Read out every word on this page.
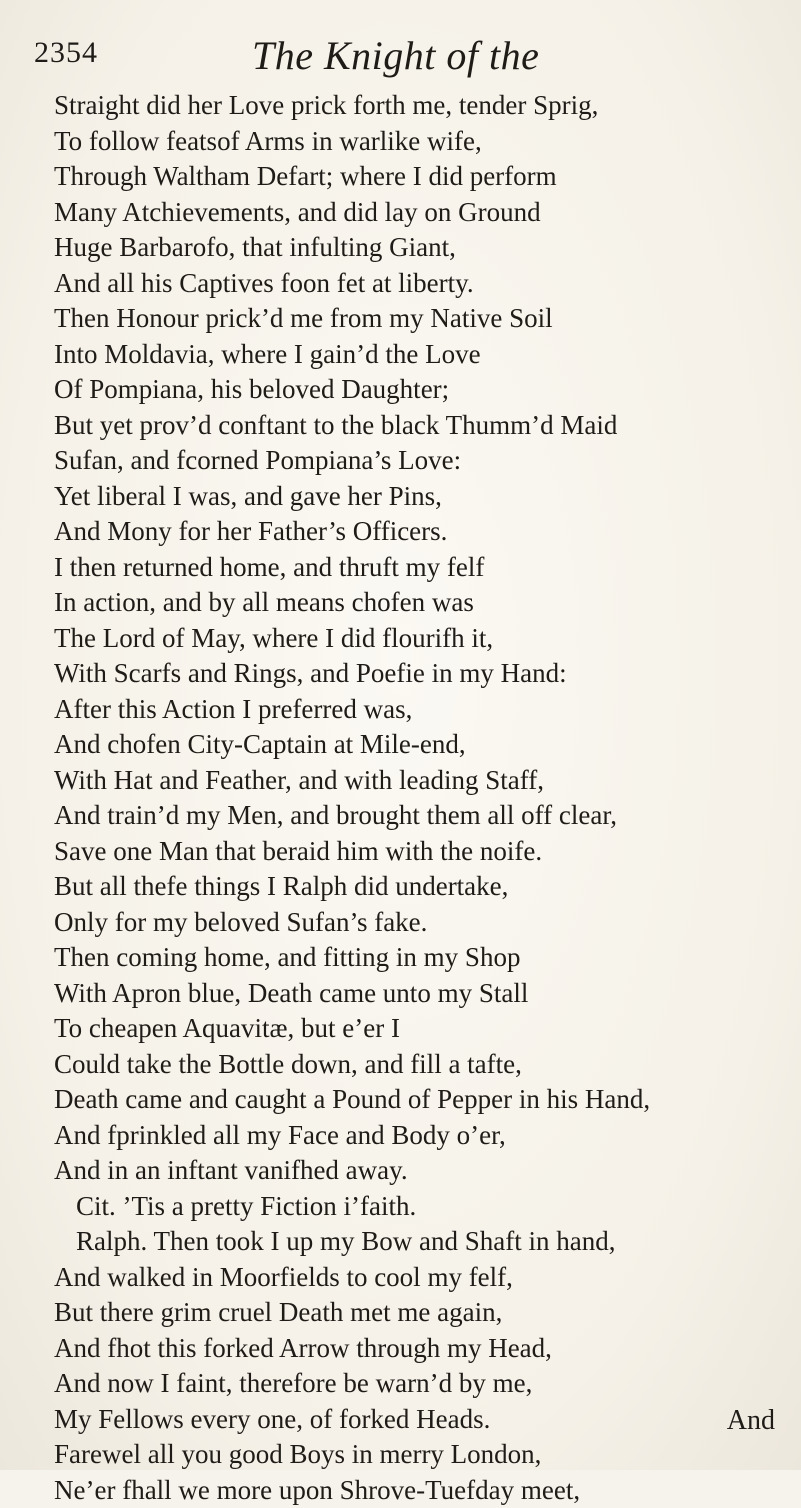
2354	The Knight of the
Straight did her Love prick forth me, tender Sprig,
To follow featsof Arms in warlike wife,
Through Waltham Defart; where I did perform
Many Atchievements, and did lay on Ground
Huge Barbarofo, that infulting Giant,
And all his Captives foon fet at liberty.
Then Honour prick’d me from my Native Soil
Into Moldavia, where I gain’d the Love
Of Pompiana, his beloved Daughter;
But yet prov’d conftant to the black Thumm’d Maid
Sufan, and fcorned Pompiana’s Love:
Yet liberal I was, and gave her Pins,
And Mony for her Father’s Officers.
I then returned home, and thruft my felf
In action, and by all means chofen was
The Lord of May, where I did flourifh it,
With Scarfs and Rings, and Poefie in my Hand:
After this Action I preferred was,
And chofen City-Captain at Mile-end,
With Hat and Feather, and with leading Staff,
And train’d my Men, and brought them all off clear,
Save one Man that beraid him with the noife.
But all thefe things I Ralph did undertake,
Only for my beloved Sufan’s fake.
Then coming home, and fitting in my Shop
With Apron blue, Death came unto my Stall
To cheapen Aquavitæ, but e’er I
Could take the Bottle down, and fill a tafte,
Death came and caught a Pound of Pepper in his Hand,
And fprinkled all my Face and Body o’er,
And in an inftant vanifhed away.
Cit. ’Tis a pretty Fiction i’faith.
Ralph. Then took I up my Bow and Shaft in hand,
And walked in Moorfields to cool my felf,
But there grim cruel Death met me again,
And fhot this forked Arrow through my Head,
And now I faint, therefore be warn’d by me,
My Fellows every one, of forked Heads.
Farewel all you good Boys in merry London,
Ne’er fhall we more upon Shrove-Tuefday meet,
And
